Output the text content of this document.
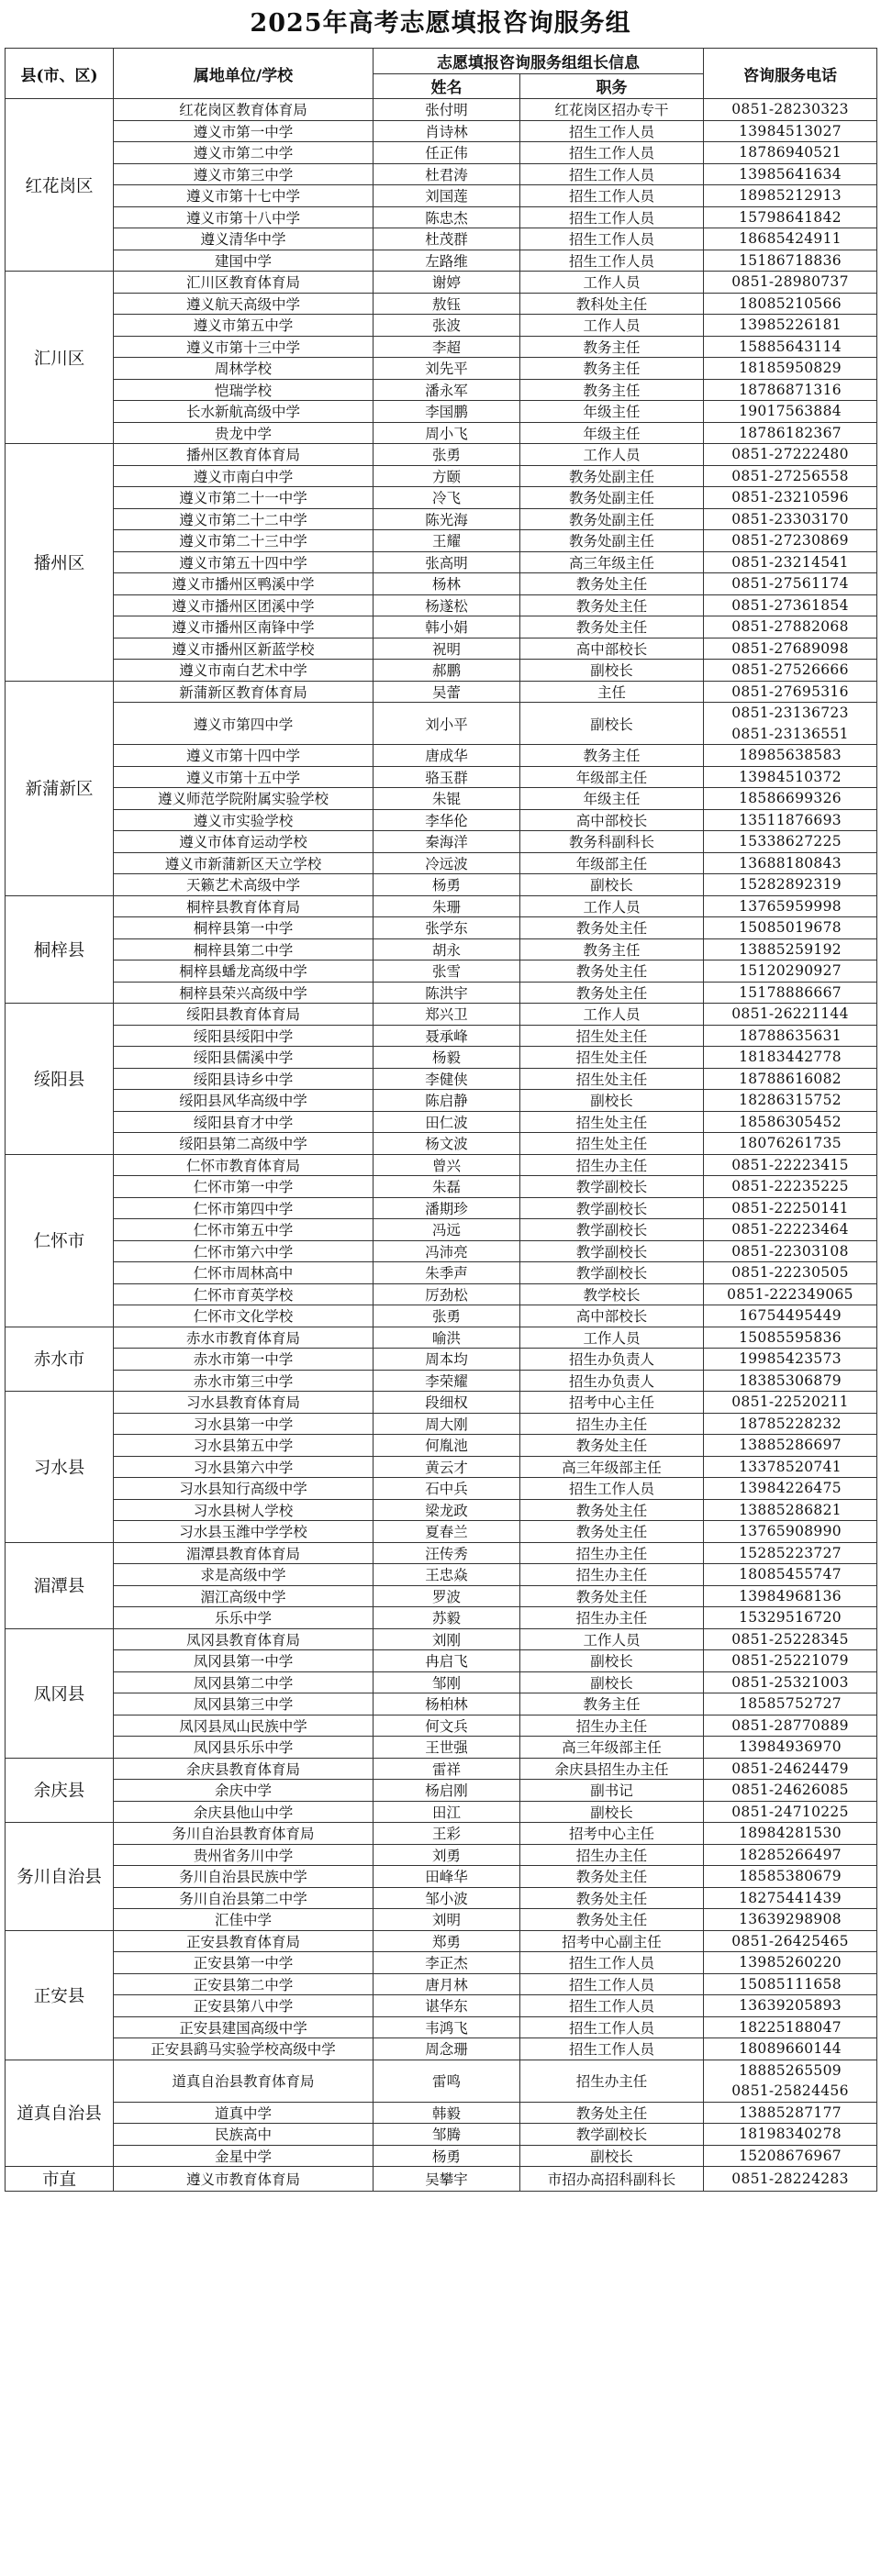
2025年高考志愿填报咨询服务组
县(市、区)	属地单位/学校	志愿填报咨询服务组组长信息		咨询服务电话
		姓名	职务	
红花岗区	红花岗区教育体育局	张付明	红花岗区招办专干	0851-28230323

	遵义市第一中学	肖诗林	招生工作人员	13984513027

	遵义市第二中学	任正伟	招生工作人员	18786940521

	遵义市第三中学	杜君涛	招生工作人员	13985641634

	遵义市第十七中学	刘国莲	招生工作人员	18985212913

	遵义市第十八中学	陈忠杰	招生工作人员	15798641842

	遵义清华中学	杜茂群	招生工作人员	18685424911

	建国中学	左路维	招生工作人员	15186718836

汇川区	汇川区教育体育局	谢婷	工作人员	0851-28980737

	遵义航天高级中学	敖钰	教科处主任	18085210566

	遵义市第五中学	张波	工作人员	13985226181

	遵义市第十三中学	李超	教务主任	15885643114

	周林学校	刘先平	教务主任	18185950829

	恺瑞学校	潘永军	教务主任	18786871316

	长水新航高级中学	李国鹏	年级主任	19017563884

	贵龙中学	周小飞	年级主任	18786182367

播州区	播州区教育体育局	张勇	工作人员	0851-27222480

	遵义市南白中学	方颐	教务处副主任	0851-27256558

	遵义市第二十一中学	冷飞	教务处副主任	0851-23210596

	遵义市第二十二中学	陈光海	教务处副主任	0851-23303170

	遵义市第二十三中学	王耀	教务处副主任	0851-27230869

	遵义市第五十四中学	张高明	高三年级主任	0851-23214541

	遵义市播州区鸭溪中学	杨林	教务处主任	0851-27561174

	遵义市播州区团溪中学	杨遂松	教务处主任	0851-27361854

	遵义市播州区南锋中学	韩小娟	教务处主任	0851-27882068

	遵义市播州区新蓝学校	祝明	高中部校长	0851-27689098

	遵义市南白艺术中学	郝鹏	副校长	0851-27526666

新蒲新区	新蒲新区教育体育局	吴蕾	主任	0851-27695316

	遵义市第四中学	刘小平	副校长	0851-23136723
0851-23136551

	遵义市第十四中学	唐成华	教务主任	18985638583

	遵义市第十五中学	骆玉群	年级部主任	13984510372

	遵义师范学院附属实验学校	朱锟	年级主任	18586699326

	遵义市实验学校	李华伦	高中部校长	13511876693

	遵义市体育运动学校	秦海洋	教务科副科长	15338627225

	遵义市新蒲新区天立学校	冷远波	年级部主任	13688180843

	天籁艺术高级中学	杨勇	副校长	15282892319

桐梓县	桐梓县教育体育局	朱珊	工作人员	13765959998

	桐梓县第一中学	张学东	教务处主任	15085019678

	桐梓县第二中学	胡永	教务主任	13885259192

	桐梓县蟠龙高级中学	张雪	教务处主任	15120290927

	桐梓县荣兴高级中学	陈洪宇	教务处主任	15178886667

绥阳县	绥阳县教育体育局	郑兴卫	工作人员	0851-26221144

	绥阳县绥阳中学	聂承峰	招生处主任	18788635631

	绥阳县儒溪中学	杨毅	招生处主任	18183442778

	绥阳县诗乡中学	李健侠	招生处主任	18788616082

	绥阳县风华高级中学	陈启静	副校长	18286315752

	绥阳县育才中学	田仁波	招生处主任	18586305452

	绥阳县第二高级中学	杨文波	招生处主任	18076261735

仁怀市	仁怀市教育体育局	曾兴	招生办主任	0851-22223415

	仁怀市第一中学	朱磊	教学副校长	0851-22235225

	仁怀市第四中学	潘期珍	教学副校长	0851-22250141

	仁怀市第五中学	冯远	教学副校长	0851-22223464

	仁怀市第六中学	冯沛亮	教学副校长	0851-22303108

	仁怀市周林高中	朱季声	教学副校长	0851-22230505

	仁怀市育英学校	厉劲松	教学校长	0851-222349065

	仁怀市文化学校	张勇	高中部校长	16754495449

赤水市	赤水市教育体育局	喻洪	工作人员	15085595836

	赤水市第一中学	周本均	招生办负责人	19985423573

	赤水市第三中学	李荣耀	招生办负责人	18385306879

习水县	习水县教育体育局	段细权	招考中心主任	0851-22520211

	习水县第一中学	周大刚	招生办主任	18785228232

	习水县第五中学	何胤池	教务处主任	13885286697

	习水县第六中学	黄云才	高三年级部主任	13378520741

	习水县知行高级中学	石中兵	招生工作人员	13984226475

	习水县树人学校	梁龙政	教务处主任	13885286821

	习水县玉潍中学学校	夏春兰	教务处主任	13765908990

湄潭县	湄潭县教育体育局	汪传秀	招生办主任	15285223727

	求是高级中学	王忠焱	招生办主任	18085455747

	湄江高级中学	罗波	教务处主任	13984968136

	乐乐中学	苏毅	招生办主任	15329516720

凤冈县	凤冈县教育体育局	刘刚	工作人员	0851-25228345

	凤冈县第一中学	冉启飞	副校长	0851-25221079

	凤冈县第二中学	邹刚	副校长	0851-25321003

	凤冈县第三中学	杨柏林	教务主任	18585752727

	凤冈县凤山民族中学	何文兵	招生办主任	0851-28770889

	凤冈县乐乐中学	王世强	高三年级部主任	13984936970

余庆县	余庆县教育体育局	雷祥	余庆县招生办主任	0851-24624479

	余庆中学	杨启刚	副书记	0851-24626085

	余庆县他山中学	田江	副校长	0851-24710225

务川自治县	务川自治县教育体育局	王彩	招考中心主任	18984281530

	贵州省务川中学	刘勇	招生办主任	18285266497

	务川自治县民族中学	田峰华	教务处主任	18585380679

	务川自治县第二中学	邹小波	教务处主任	18275441439

	汇佳中学	刘明	教务处主任	13639298908

正安县	正安县教育体育局	郑勇	招考中心副主任	0851-26425465

	正安县第一中学	李正杰	招生工作人员	13985260220

	正安县第二中学	唐月林	招生工作人员	15085111658

	正安县第八中学	谌华东	招生工作人员	13639205893

	正安县建国高级中学	韦鸿飞	招生工作人员	18225188047

	正安县鹞马实验学校高级中学	周念珊	招生工作人员	18089660144

道真自治县	道真自治县教育体育局	雷鸣	招生办主任	18885265509
0851-25824456

	道真中学	韩毅	教务处主任	13885287177

	民族高中	邹腾	教学副校长	18198340278

	金星中学	杨勇	副校长	15208676967

市直	遵义市教育体育局	吴攀宇	市招办高招科副科长	0851-28224283
